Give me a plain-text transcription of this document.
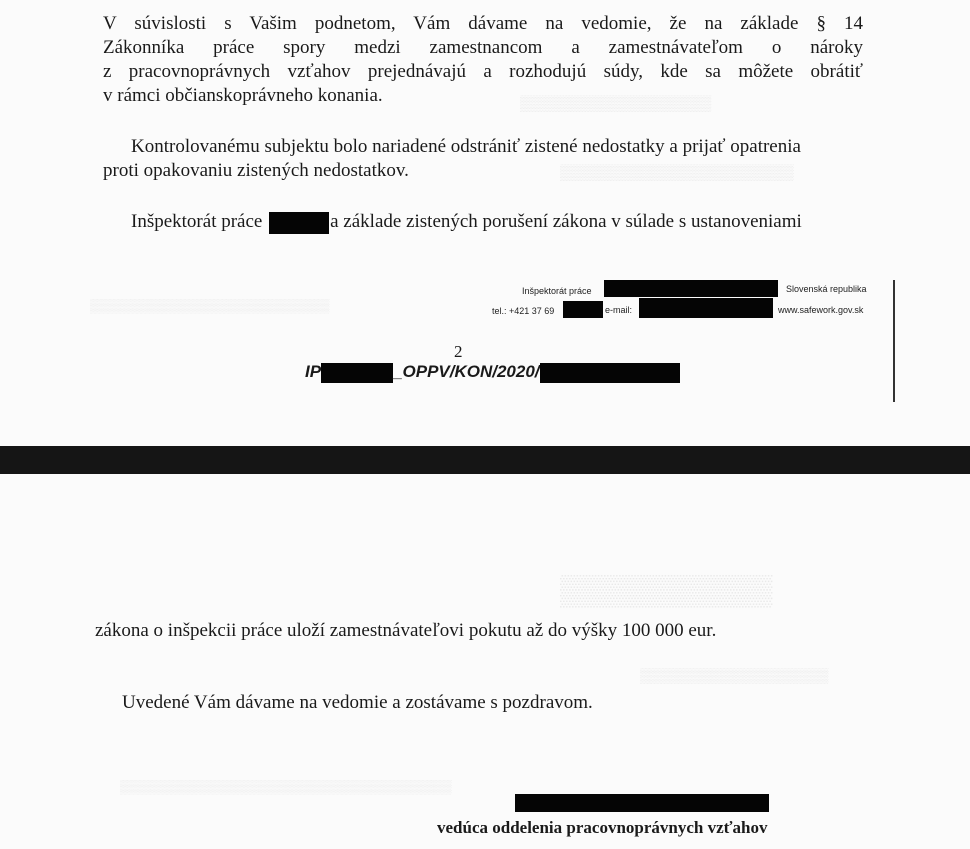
▒▒▒▒▒▒▒▒▒▒▒▒▒▒▒▒▒▒
▒▒▒▒▒▒▒▒▒▒▒▒▒▒▒▒▒▒▒▒▒▒
▒▒▒▒▒▒▒▒▒▒▒▒▒▒▒▒▒▒▒▒▒▒▒▒▒▒
V súvislosti s Vašim podnetom, Vám dávame na vedomie, že na základe § 14
Zákonníka práce spory medzi zamestnancom a zamestnávateľom o nároky
z pracovnoprávnych vzťahov prejednávajú a rozhodujú súdy, kde sa môžete obrátiť
v rámci občianskoprávneho konania.
Kontrolovanému subjektu bolo nariadené odstrániť zistené nedostatky a prijať opatrenia
proti opakovaniu zistených nedostatkov.
Inšpektorát práce	a základe zistených porušení zákona v súlade s ustanoveniami
Inšpektorát práce	Slovenská republika
tel.: +421 37 69	e-mail:	www.safework.gov.sk
2
IP	_OPPV/KON/2020/
▒▒▒▒▒▒▒▒▒▒
▒▒▒▒▒▒▒▒▒▒▒▒▒▒▒▒▒▒▒
▒▒▒▒▒▒▒▒▒▒▒▒▒▒▒▒▒▒▒▒▒▒▒▒▒▒▒▒▒▒▒▒▒▒▒▒
zákona o inšpekcii práce uloží zamestnávateľovi pokutu až do výšky 100 000 eur.
Uvedené Vám dávame na vedomie a zostávame s pozdravom.
vedúca oddelenia pracovnoprávnych vzťahov
